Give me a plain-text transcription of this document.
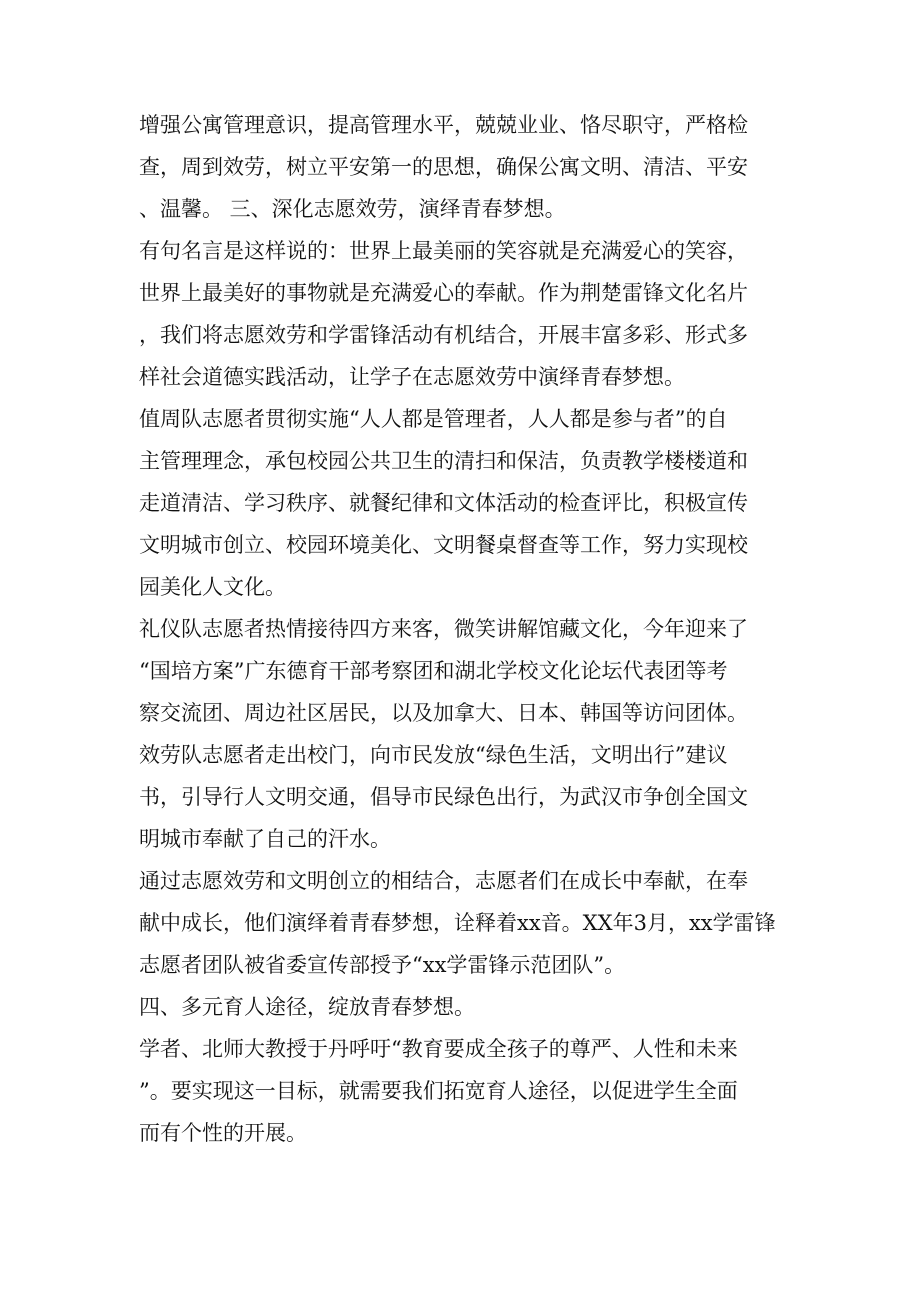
增强公寓管理意识，提高管理水平，兢兢业业、恪尽职守，严格检
查，周到效劳，树立平安第一的思想，确保公寓文明、清洁、平安
、温馨。 三、深化志愿效劳，演绎青春梦想。
有句名言是这样说的：世界上最美丽的笑容就是充满爱心的笑容，
世界上最美好的事物就是充满爱心的奉献。作为荆楚雷锋文化名片
，我们将志愿效劳和学雷锋活动有机结合，开展丰富多彩、形式多
样社会道德实践活动，让学子在志愿效劳中演绎青春梦想。
值周队志愿者贯彻实施“人人都是管理者，人人都是参与者”的自
主管理理念，承包校园公共卫生的清扫和保洁，负责教学楼楼道和
走道清洁、学习秩序、就餐纪律和文体活动的检查评比，积极宣传
文明城市创立、校园环境美化、文明餐桌督查等工作，努力实现校
园美化人文化。
礼仪队志愿者热情接待四方来客，微笑讲解馆藏文化，今年迎来了
“国培方案”广东德育干部考察团和湖北学校文化论坛代表团等考
察交流团、周边社区居民，以及加拿大、日本、韩国等访问团体。
效劳队志愿者走出校门，向市民发放“绿色生活，文明出行”建议
书，引导行人文明交通，倡导市民绿色出行，为武汉市争创全国文
明城市奉献了自己的汗水。
通过志愿效劳和文明创立的相结合，志愿者们在成长中奉献，在奉
献中成长，他们演绎着青春梦想，诠释着xx音。XX年3月，xx学雷锋
志愿者团队被省委宣传部授予“xx学雷锋示范团队”。
四、多元育人途径，绽放青春梦想。
学者、北师大教授于丹呼吁“教育要成全孩子的尊严、人性和未来
”。要实现这一目标，就需要我们拓宽育人途径，以促进学生全面
而有个性的开展。
